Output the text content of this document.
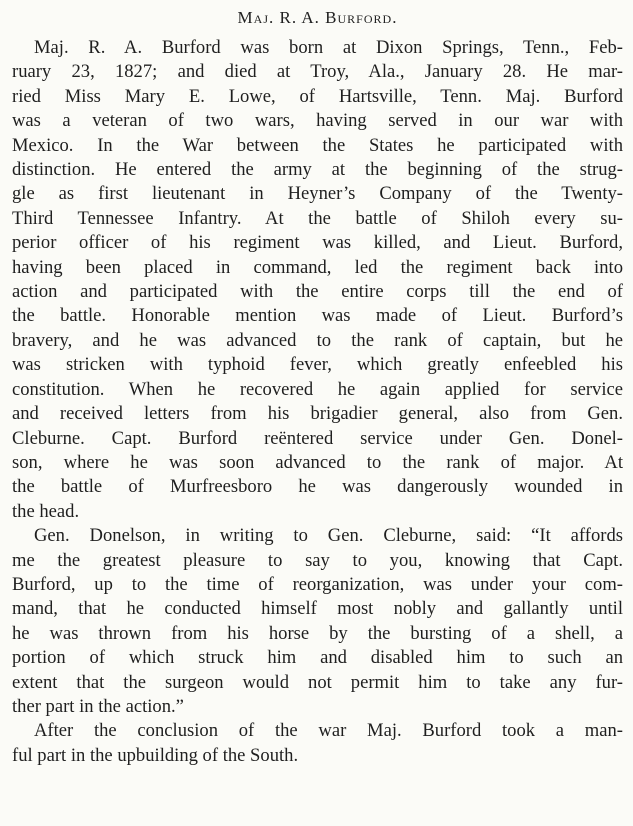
Maj. R. A. Burford.
Maj. R. A. Burford was born at Dixon Springs, Tenn., Feb-
ruary 23, 1827; and died at Troy, Ala., January 28. He mar-
ried Miss Mary E. Lowe, of Hartsville, Tenn. Maj. Burford
was a veteran of two wars, having served in our war with
Mexico. In the War between the States he participated with
distinction. He entered the army at the beginning of the strug-
gle as first lieutenant in Heyner’s Company of the Twenty-
Third Tennessee Infantry. At the battle of Shiloh every su-
perior officer of his regiment was killed, and Lieut. Burford,
having been placed in command, led the regiment back into
action and participated with the entire corps till the end of
the battle. Honorable mention was made of Lieut. Burford’s
bravery, and he was advanced to the rank of captain, but he
was stricken with typhoid fever, which greatly enfeebled his
constitution. When he recovered he again applied for service
and received letters from his brigadier general, also from Gen.
Cleburne. Capt. Burford reëntered service under Gen. Donel-
son, where he was soon advanced to the rank of major. At
the battle of Murfreesboro he was dangerously wounded in
the head.
Gen. Donelson, in writing to Gen. Cleburne, said: “It affords
me the greatest pleasure to say to you, knowing that Capt.
Burford, up to the time of reorganization, was under your com-
mand, that he conducted himself most nobly and gallantly until
he was thrown from his horse by the bursting of a shell, a
portion of which struck him and disabled him to such an
extent that the surgeon would not permit him to take any fur-
ther part in the action.”
After the conclusion of the war Maj. Burford took a man-
ful part in the upbuilding of the South.
